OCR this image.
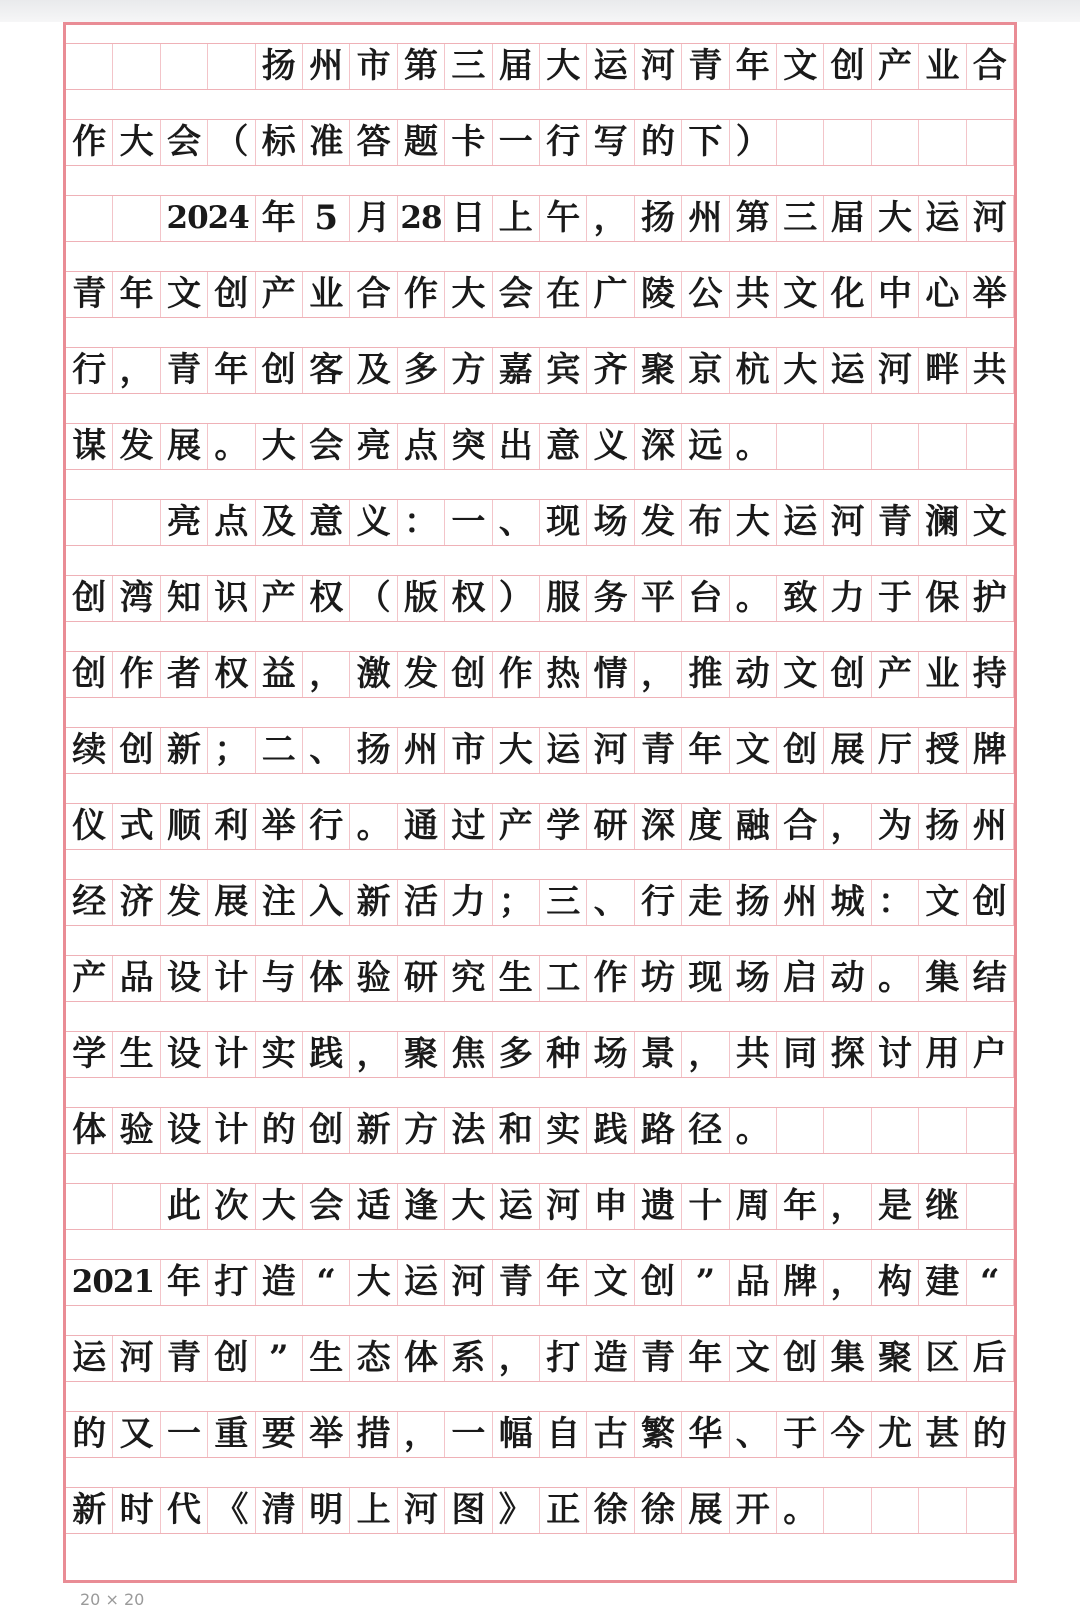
扬 州 市 第 三 届 大 运 河 青 年 文 创 产 业 合
作 大 会 （ 标 准 答 题 卡 一 行 写 的 下 ）
2024 年 5 月 28 日 上 午 ， 扬 州 第 三 届 大 运 河
青 年 文 创 产 业 合 作 大 会 在 广 陵 公 共 文 化 中 心 举
行 ， 青 年 创 客 及 多 方 嘉 宾 齐 聚 京 杭 大 运 河 畔 共
谋 发 展 。 大 会 亮 点 突 出 意 义 深 远 。
亮 点 及 意 义 ： 一 、 现 场 发 布 大 运 河 青 澜 文
创 湾 知 识 产 权 （ 版 权 ） 服 务 平 台 。 致 力 于 保 护
创 作 者 权 益 ， 激 发 创 作 热 情 ， 推 动 文 创 产 业 持
续 创 新 ； 二 、 扬 州 市 大 运 河 青 年 文 创 展 厅 授 牌
仪 式 顺 利 举 行 。 通 过 产 学 研 深 度 融 合 ， 为 扬 州
经 济 发 展 注 入 新 活 力 ； 三 、 行 走 扬 州 城 ： 文 创
产 品 设 计 与 体 验 研 究 生 工 作 坊 现 场 启 动 。 集 结
学 生 设 计 实 践 ， 聚 焦 多 种 场 景 ， 共 同 探 讨 用 户
体 验 设 计 的 创 新 方 法 和 实 践 路 径 。
此 次 大 会 适 逢 大 运 河 申 遗 十 周 年 ， 是 继
2021 年 打 造 “ 大 运 河 青 年 文 创 ” 品 牌 ， 构 建 “
运 河 青 创 ” 生 态 体 系 ， 打 造 青 年 文 创 集 聚 区 后
的 又 一 重 要 举 措 ， 一 幅 自 古 繁 华 、 于 今 尤 甚 的
新 时 代 《 清 明 上 河 图 》 正 徐 徐 展 开 。
20 × 20
